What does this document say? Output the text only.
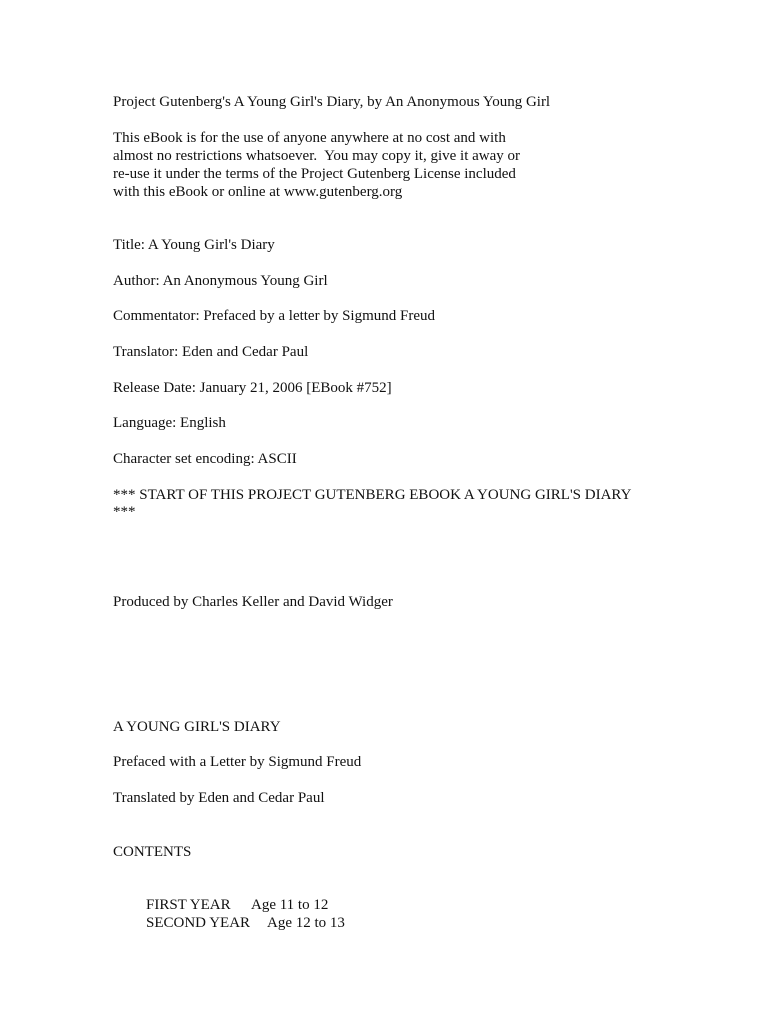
Project Gutenberg's A Young Girl's Diary, by An Anonymous Young Girl
This eBook is for the use of anyone anywhere at no cost and with
almost no restrictions whatsoever.  You may copy it, give it away or
re-use it under the terms of the Project Gutenberg License included
with this eBook or online at www.gutenberg.org
Title: A Young Girl's Diary
Author: An Anonymous Young Girl
Commentator: Prefaced by a letter by Sigmund Freud
Translator: Eden and Cedar Paul
Release Date: January 21, 2006 [EBook #752]
Language: English
Character set encoding: ASCII
*** START OF THIS PROJECT GUTENBERG EBOOK A YOUNG GIRL'S DIARY
***
Produced by Charles Keller and David Widger
A YOUNG GIRL'S DIARY
Prefaced with a Letter by Sigmund Freud
Translated by Eden and Cedar Paul
CONTENTS

FIRST YEAR Age 11 to 12

SECOND YEAR Age 12 to 13
